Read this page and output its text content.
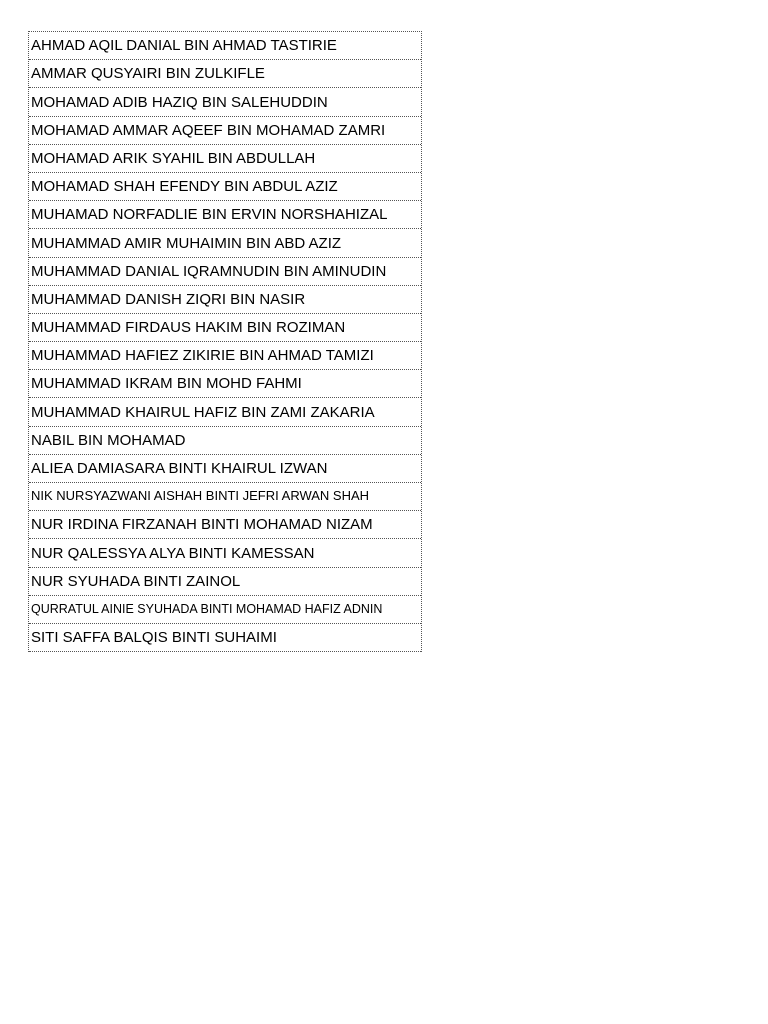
AHMAD AQIL DANIAL BIN AHMAD TASTIRIE
AMMAR QUSYAIRI BIN ZULKIFLE
MOHAMAD ADIB HAZIQ BIN SALEHUDDIN
MOHAMAD AMMAR AQEEF BIN MOHAMAD ZAMRI
MOHAMAD ARIK SYAHIL BIN ABDULLAH
MOHAMAD SHAH EFENDY BIN ABDUL AZIZ
MUHAMAD NORFADLIE BIN ERVIN NORSHAHIZAL
MUHAMMAD AMIR MUHAIMIN BIN ABD AZIZ
MUHAMMAD DANIAL IQRAMNUDIN BIN AMINUDIN
MUHAMMAD DANISH ZIQRI BIN NASIR
MUHAMMAD FIRDAUS HAKIM BIN ROZIMAN
MUHAMMAD HAFIEZ ZIKIRIE BIN AHMAD TAMIZI
MUHAMMAD IKRAM BIN MOHD FAHMI
MUHAMMAD KHAIRUL HAFIZ BIN ZAMI ZAKARIA
NABIL BIN MOHAMAD
ALIEA DAMIASARA BINTI KHAIRUL IZWAN
NIK NURSYAZWANI AISHAH BINTI JEFRI ARWAN SHAH
NUR IRDINA FIRZANAH BINTI MOHAMAD NIZAM
NUR QALESSYA ALYA BINTI KAMESSAN
NUR SYUHADA BINTI ZAINOL
QURRATUL AINIE SYUHADA BINTI MOHAMAD HAFIZ ADNIN
SITI SAFFA BALQIS BINTI SUHAIMI
